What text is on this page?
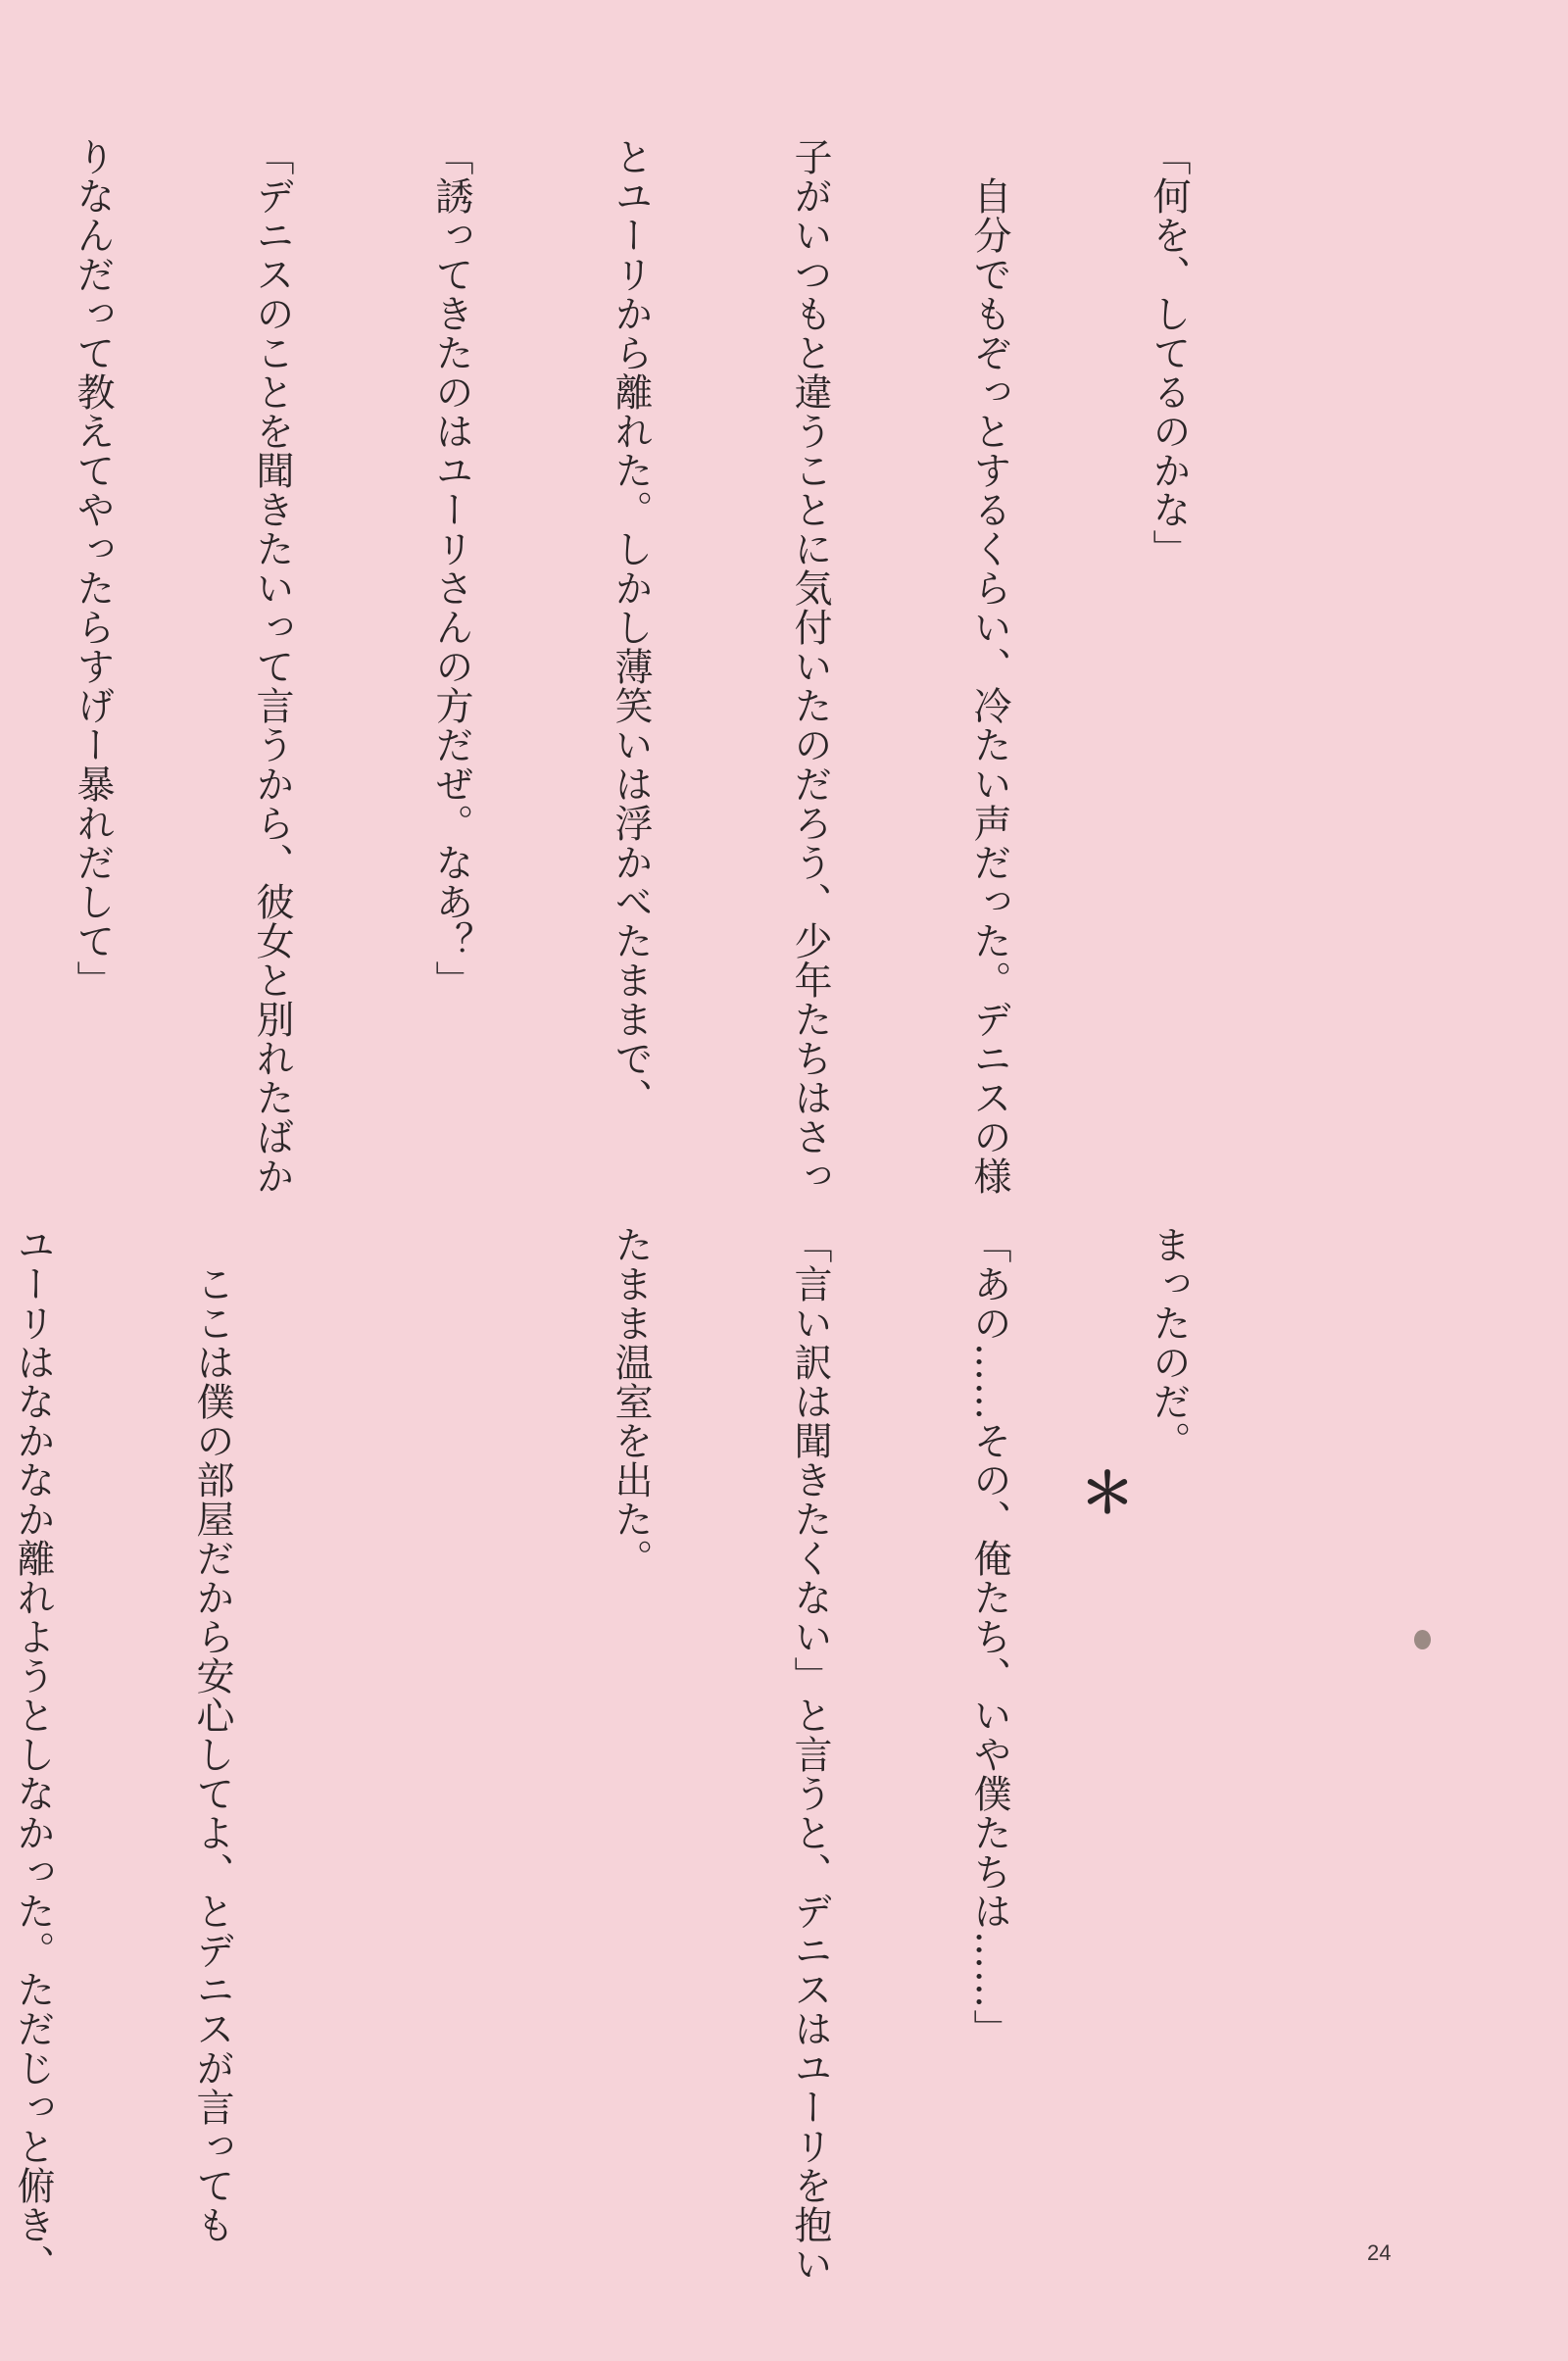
「何を、してるのかな」

　自分でもぞっとするくらい、冷たい声だった。デニスの様

子がいつもと違うことに気付いたのだろう、少年たちはさっ

とユーリから離れた。しかし薄笑いは浮かべたままで、

「誘ってきたのはユーリさんの方だぜ。なあ？」

「デニスのことを聞きたいって言うから、彼女と別れたばか

りなんだって教えてやったらすげー暴れだして」

まったのだ。

「あの……その、俺たち、いや僕たちは……」

「言い訳は聞きたくない」と言うと、デニスはユーリを抱い

たまま温室を出た。

　ここは僕の部屋だから安心してよ、とデニスが言っても

ユーリはなかなか離れようとしなかった。ただじっと俯き、

	＊
24
